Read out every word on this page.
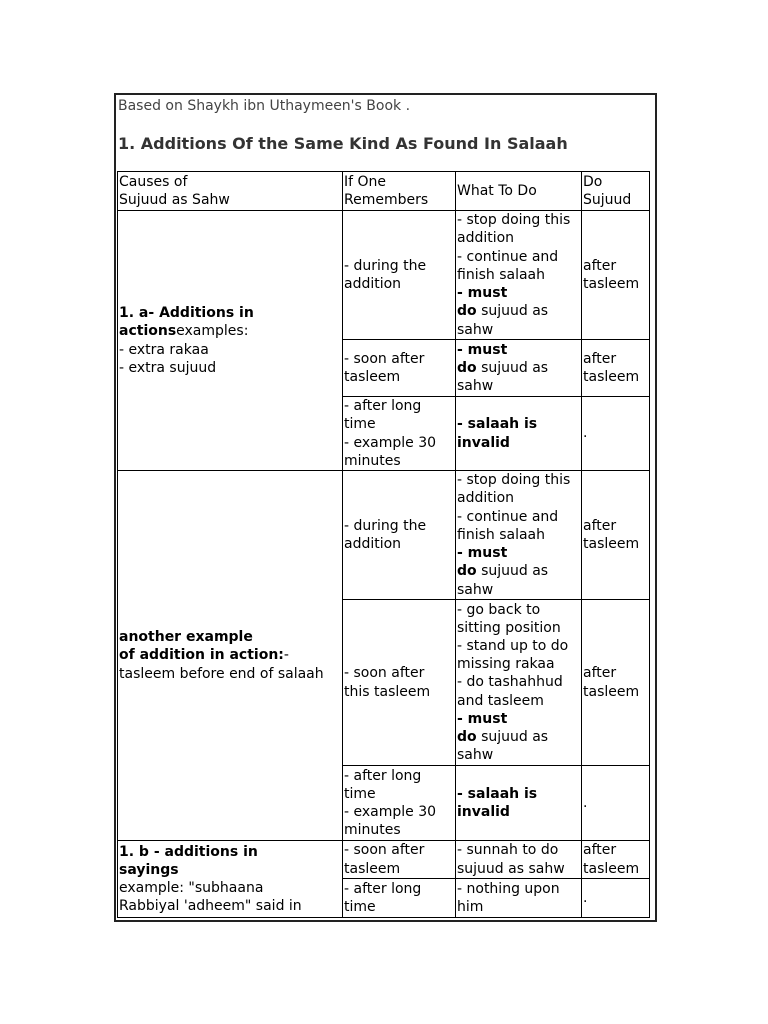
Based on Shaykh ibn Uthaymeen's Book .
1. Additions Of the Same Kind As Found In Salaah
Causes of
Sujuud as Sahw	If One
Remembers	What To Do	Do
Sujuud

1. a- Additions in actionsexamples:
- extra rakaa
- extra sujuud	- during the
addition	- stop doing this addition
- continue and finish salaah
- must
do sujuud as sahw	after
tasleem

	- soon after
tasleem	- must
do sujuud as sahw	after
tasleem

	- after long
time
- example 30
minutes	- salaah is
invalid	.

another example
of addition in action:-
tasleem before end of salaah	- during the
addition	- stop doing this addition
- continue and finish salaah
- must
do sujuud as sahw	after
tasleem

	- soon after
this tasleem	- go back to sitting position
- stand up to do missing rakaa
- do tashahhud and tasleem
- must
do sujuud as sahw	after
tasleem

	- after long
time
- example 30
minutes	- salaah is
invalid	.

1. b - additions in
sayings
example: "subhaana
Rabbiyal 'adheem" said in	- soon after
tasleem	- sunnah to do
sujuud as sahw	after
tasleem

	- after long
time	- nothing upon
him	.
